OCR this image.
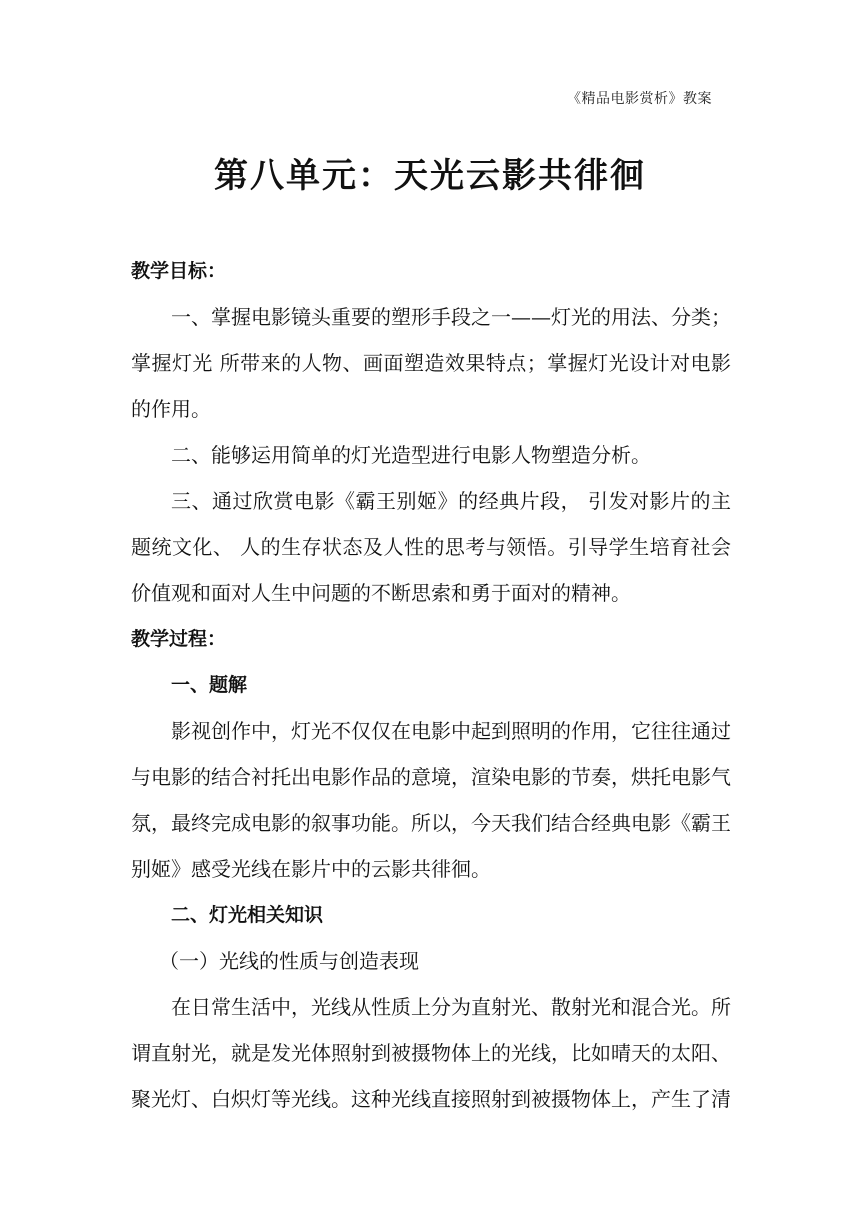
《精品电影赏析》教案
第八单元：天光云影共徘徊

教学目标：

一、掌握电影镜头重要的塑形手段之一——灯光的用法、分类；掌握灯光 所带来的人物、画面塑造效果特点；掌握灯光设计对电影的作用。

二、能够运用简单的灯光造型进行电影人物塑造分析。

三、通过欣赏电影《霸王别姬》的经典片段， 引发对影片的主题统文化、 人的生存状态及人性的思考与领悟。引导学生培育社会价值观和面对人生中问题的不断思索和勇于面对的精神。

教学过程：

一、题解

影视创作中，灯光不仅仅在电影中起到照明的作用，它往往通过与电影的结合衬托出电影作品的意境，渲染电影的节奏，烘托电影气氛，最终完成电影的叙事功能。所以，今天我们结合经典电影《霸王别姬》感受光线在影片中的云影共徘徊。

二、灯光相关知识

（一）光线的性质与创造表现

在日常生活中，光线从性质上分为直射光、散射光和混合光。所谓直射光，就是发光体照射到被摄物体上的光线，比如晴天的太阳、聚光灯、白炽灯等光线。这种光线直接照射到被摄物体上，产生了清
